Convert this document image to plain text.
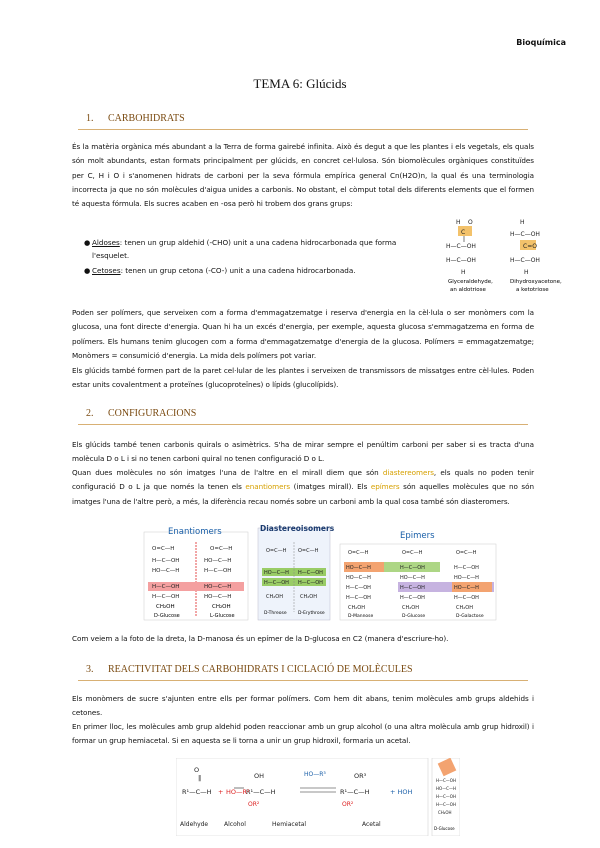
Bioquímica
TEMA 6: Glúcids
1. CARBOHIDRATS
És la matèria orgànica més abundant a la Terra de forma gairebé infinita. Això és degut a que les plantes i els vegetals, els quals són molt abundants, estan formats principalment per glúcids, en concret cel·lulosa. Són biomolècules orgàniques constituïdes per C, H i O i s'anomenen hidrats de carboni per la seva fórmula empírica general Cn(H2O)n, la qual és una terminologia incorrecta ja que no són molècules d'aigua unides a carbonis. No obstant, el còmput total dels diferents elements que el formen té aquesta fórmula. Els sucres acaben en -osa però hi trobem dos grans grups:
● Aldoses: tenen un grup aldehid (-CHO) unit a una cadena hidrocarbonada que forma l'esquelet.
● Cetoses: tenen un grup cetona (-CO-) unit a una cadena hidrocarbonada.
H O
C
H—C—OH
H—C—OH
H
H
H—C—OH
C=O
H—C—OH
H
Glyceraldehyde,
an aldotriose
Dihydroxyacetone,
a ketotriose
Poden ser polímers, que serveixen com a forma d'emmagatzematge i reserva d'energia en la cèl·lula o ser monòmers com la glucosa, una font directe d'energia. Quan hi ha un excés d'energia, per exemple, aquesta glucosa s'emmagatzema en forma de polímers. Els humans tenim glucogen com a forma d'emmagatzematge d'energia de la glucosa. Polímers = emmagatzematge; Monòmers = consumició d'energia. La mida dels polímers pot variar.
Els glúcids també formen part de la paret cel·lular de les plantes i serveixen de transmissors de missatges entre cèl·lules. Poden estar units covalentment a proteïnes (glucoproteïnes) o lípids (glucolípids).
2. CONFIGURACIONS
Els glúcids també tenen carbonis quirals o asimètrics. S'ha de mirar sempre el penúltim carboni per saber si es tracta d'una molècula D o L i si no tenen carboni quiral no tenen configuració D o L.
Quan dues molècules no són imatges l'una de l'altre en el mirall diem que són diastereomers, els quals no poden tenir configuració D o L ja que només la tenen els enantiomers (imatges mirall). Els epímers són aquelles molècules que no són imatges l'una de l'altre però, a més, la diferència recau només sobre un carboni amb la qual cosa també són diasteromers.
Enantiomers
O=C—H	O=C—H
H—C—OH	HO—C—H
HO—C—H	H—C—OH
H—C—OH	HO—C—H
H—C—OH	HO—C—H
CH₂OH	CH₂OH
D-Glucose	L-Glucose
Diastereoisomers
O=C—H O=C—H
HO—C—H H—C—OH
H—C—OH H—C—OH
CH₂OH	CH₂OH
D-Threose	D-Erythrose
Epimers
O=C—H	O=C—H	O=C—H
HO—C—H	H—C—OH	H—C—OH
HO—C—H	HO—C—H	HO—C—H
H—C—OH	H—C—OH	HO—C—H
H—C—OH	H—C—OH	H—C—OH
CH₂OH	CH₂OH	CH₂OH
D-Mannose	D-Glucose	D-Galactose
Com veiem a la foto de la dreta, la D-manosa és un epímer de la D-glucosa en C2 (manera d'escriure-ho).
3. REACTIVITAT DELS CARBOHIDRATS I CICLACIÓ DE MOLÈCULES
Els monòmers de sucre s'ajunten entre ells per formar polímers. Com hem dit abans, tenim molècules amb grups aldehids i cetones.
En primer lloc, les molècules amb grup aldehid poden reaccionar amb un grup alcohol (o una altra molècula amb grup hidroxil) i formar un grup hemiacetal. Si en aquesta se li torna a unir un grup hidroxil, formaria un acetal.
O
‖
R¹—C—H
OH
R¹—C—H
OR³
R¹—C—H
+ HO—R²
OR²	OR²
HO—R³
+ HOH
Aldehyde	Alcohol	Hemiacetal	Acetal
H—C—OH
HO—C—H
H—C—OH
H—C—OH
CH₂OH
D-Glucose
